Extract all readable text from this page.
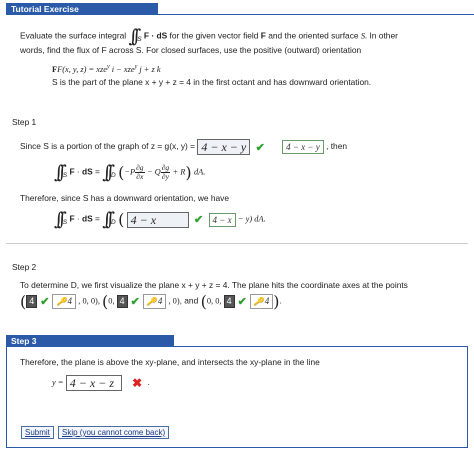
Tutorial Exercise
Evaluate the surface integral ∫∫ $_S$ F · dS for the given vector field F and the oriented surface S. In other
words, find the flux of F across S. For closed surfaces, use the positive (outward) orientation
FF(x, y, z) = xze$^y$ i − xze$^y$ j + z k
S is the part of the plane x + y + z = 4 in the first octant and has downward orientation.
Step 1
Since S is a portion of the graph of z = g(x, y) = 4 − x − y ✔ 4 − x − y , then
∫∫ $_S$ F · dS = ∫∫ $_D$ $(-P \frac{\partial g}{\partial x} - Q \frac{\partial g}{\partial y} + R)$ dA.
Therefore, since S has a downward orientation, we have
∫∫ $_S$ F · dS = ∫∫ $_D$ ( 4 − x	✔ 4 − x − y) dA.
Step 2
To determine D, we first visualize the plane x + y + z = 4. The plane hits the coordinate axes at the points
( 4 ✔ 🔑4 , 0, 0), (0, 4 ✔ 🔑4 , 0), and (0, 0, 4 ✔ 🔑4 ).
Step 3
Therefore, the plane is above the xy-plane, and intersects the xy-plane in the line
y = 4 − x − z ✖ .
Submit	Skip (you cannot come back)
